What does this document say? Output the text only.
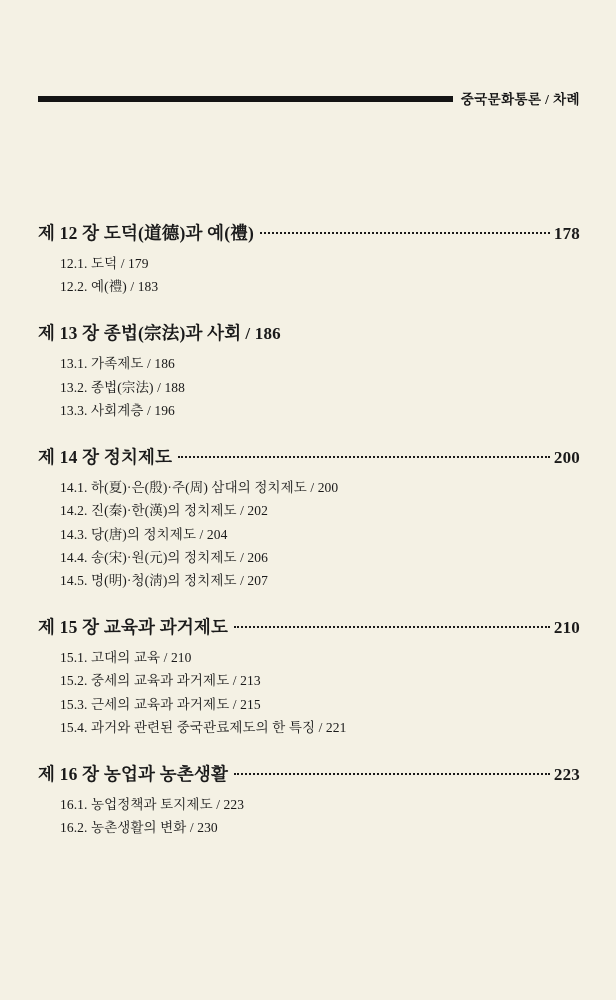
중국문화통론 / 차례
제 12 장 도덕(道德)과 예(禮)	178
12.1. 도덕 / 179
12.2. 예(禮) / 183
제 13 장 종법(宗法)과 사회 / 186
13.1. 가족제도 / 186
13.2. 종법(宗法) / 188
13.3. 사회계층 / 196
제 14 장 정치제도	200
14.1. 하(夏)·은(殷)·주(周) 삼대의 정치제도 / 200
14.2. 진(秦)·한(漢)의 정치제도 / 202
14.3. 당(唐)의 정치제도 / 204
14.4. 송(宋)·원(元)의 정치제도 / 206
14.5. 명(明)·청(淸)의 정치제도 / 207
제 15 장 교육과 과거제도	210
15.1. 고대의 교육 / 210
15.2. 중세의 교육과 과거제도 / 213
15.3. 근세의 교육과 과거제도 / 215
15.4. 과거와 관련된 중국관료제도의 한 특징 / 221
제 16 장 농업과 농촌생활	223
16.1. 농업정책과 토지제도 / 223
16.2. 농촌생활의 변화 / 230
